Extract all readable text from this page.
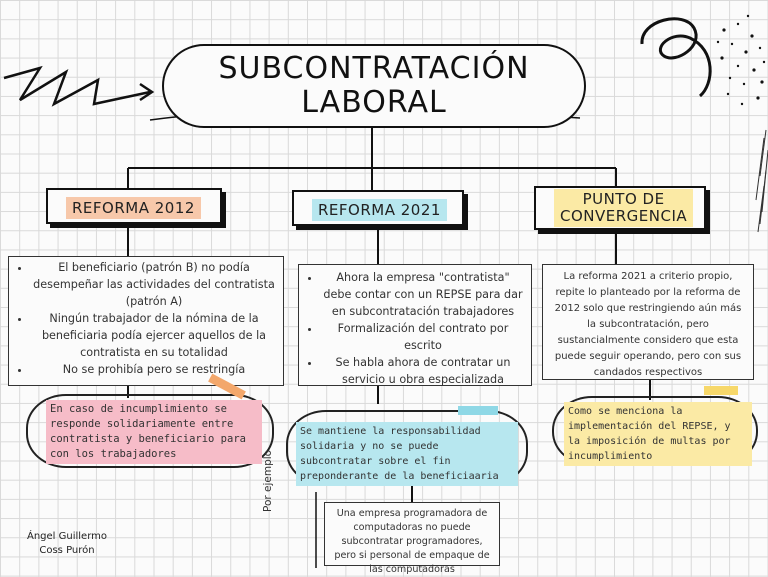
SUBCONTRATACIÓN
LABORAL
REFORMA 2012	REFORMA 2021
PUNTO DE
CONVERGENCIA
• El beneficiario (patrón B) no podía desempeñar las actividades del contratista (patrón A)
• Ningún trabajador de la nómina de la beneficiaria podía ejercer aquellos de la contratista en su totalidad
• No se prohibía pero se restringía
• Ahora la empresa "contratista" debe contar con un REPSE para dar en subcontratación trabajadores
• Formalización del contrato por escrito
• Se habla ahora de contratar un servicio u obra especializada

La reforma 2021 a criterio propio, repite lo planteado por la reforma de 2012 solo que restringiendo aún más la subcontratación, pero sustancialmente considero que esta puede seguir operando, pero con sus candados respectivos

En caso de incumplimiento se responde solidariamente entre contratista y beneficiario para con los trabajadores
Se mantiene la responsabilidad solidaria y no se puede subcontratar sobre el fin preponderante de la beneficiaaria
Como se menciona la implementación del REPSE, y la imposición de multas por incumplimiento
Por ejemplo

Una empresa programadora de computadoras no puede subcontratar programadores, pero si personal de empaque de las computadoras

Ángel Guillermo
Coss Purón
